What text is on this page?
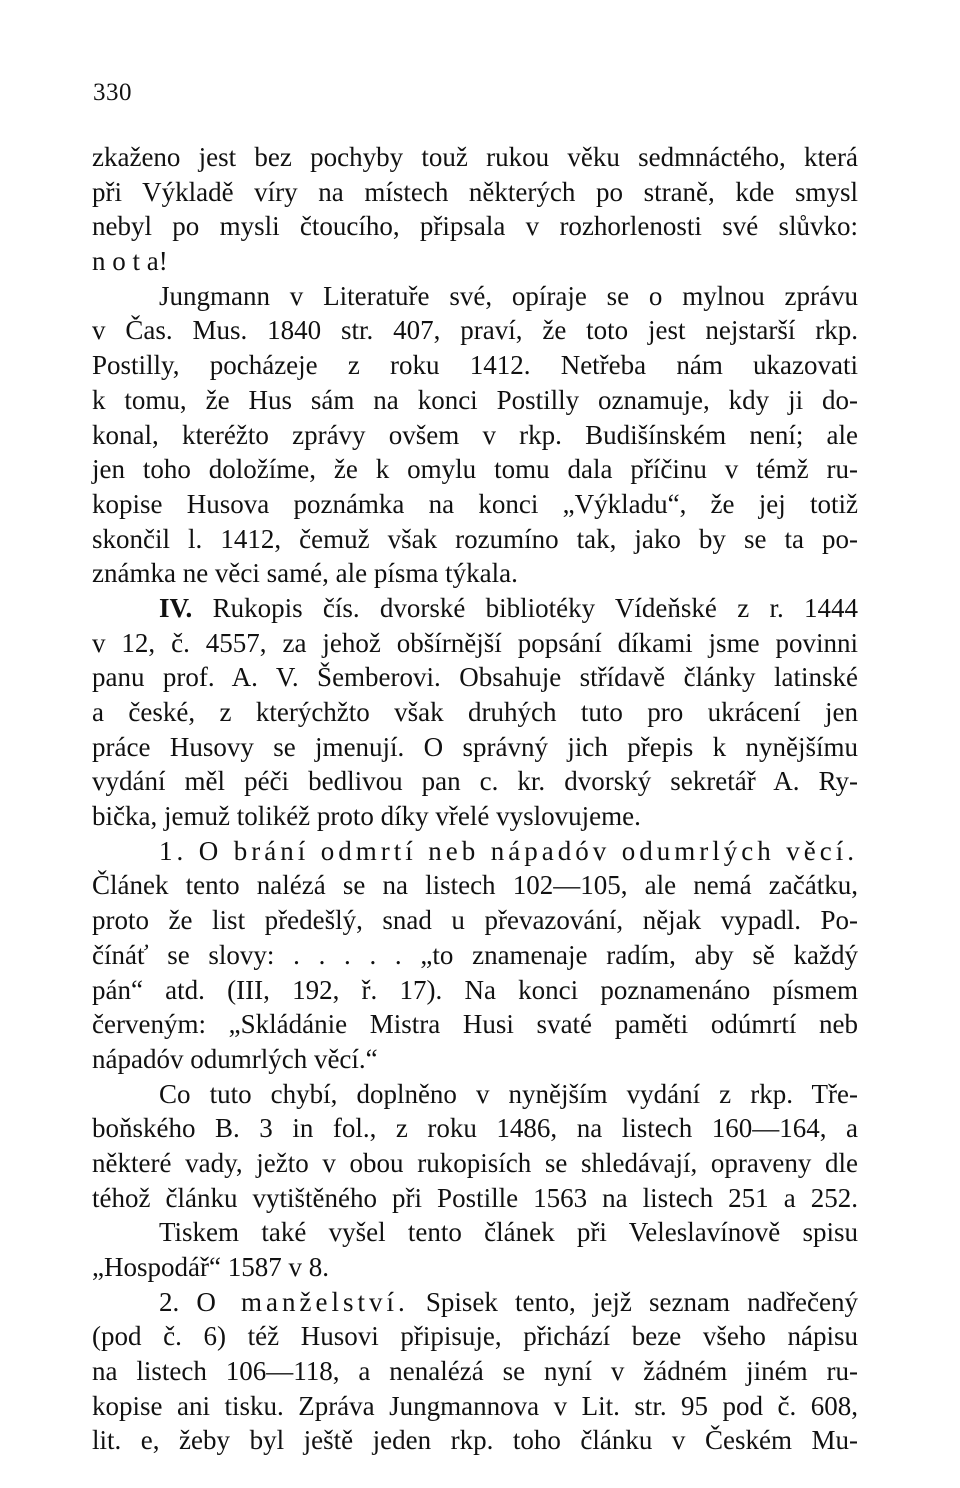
330
zkaženo jest bez pochyby touž rukou věku sedmnáctého, která
při Výkladě víry na místech některých po straně, kde smysl
nebyl po mysli čtoucího, připsala v rozhorlenosti své slůvko:
n o t a!
Jungmann v Literatuře své, opíraje se o mylnou zprávu
v Čas. Mus. 1840 str. 407, praví, že toto jest nejstarší rkp.
Postilly, pocházeje z roku 1412. Netřeba nám ukazovati
k tomu, že Hus sám na konci Postilly oznamuje, kdy ji do-
konal, kteréžto zprávy ovšem v rkp. Budišínském není; ale
jen toho doložíme, že k omylu tomu dala příčinu v témž ru-
kopise Husova poznámka na konci „Výkladu“, že jej totiž
skončil l. 1412, čemuž však rozumíno tak, jako by se ta po-
známka ne věci samé, ale písma týkala.
IV. Rukopis čís. dvorské bibliotéky Vídeňské z r. 1444
v 12, č. 4557, za jehož obšírnější popsání díkami jsme povinni
panu prof. A. V. Šemberovi. Obsahuje střídavě články latinské
a české, z kterýchžto však druhých tuto pro ukrácení jen
práce Husovy se jmenují. O správný jich přepis k nynějšímu
vydání měl péči bedlivou pan c. kr. dvorský sekretář A. Ry-
bička, jemuž tolikéž proto díky vřelé vyslovujeme.
1. O brání odmrtí neb nápadóv odumrlých věcí.
Článek tento nalézá se na listech 102—105, ale nemá začátku,
proto že list předešlý, snad u převazování, nějak vypadl. Po-
čínáť se slovy: . . . . . „to znamenaje radím, aby sě každý
pán“ atd. (III, 192, ř. 17). Na konci poznamenáno písmem
červeným: „Skládánie Mistra Husi svaté paměti odúmrtí neb
nápadóv odumrlých věcí.“
Co tuto chybí, doplněno v nynějším vydání z rkp. Tře-
boňského B. 3 in fol., z roku 1486, na listech 160—164, a
některé vady, ježto v obou rukopisích se shledávají, opraveny dle
téhož článku vytištěného při Postille 1563 na listech 251 a 252.
Tiskem také vyšel tento článek při Veleslavínově spisu
„Hospodář“ 1587 v 8.
2. O manželství. Spisek tento, jejž seznam nadřečený
(pod č. 6) též Husovi připisuje, přichází beze všeho nápisu
na listech 106—118, a nenalézá se nyní v žádném jiném ru-
kopise ani tisku. Zpráva Jungmannova v Lit. str. 95 pod č. 608,
lit. e, žeby byl ještě jeden rkp. toho článku v Českém Mu-
